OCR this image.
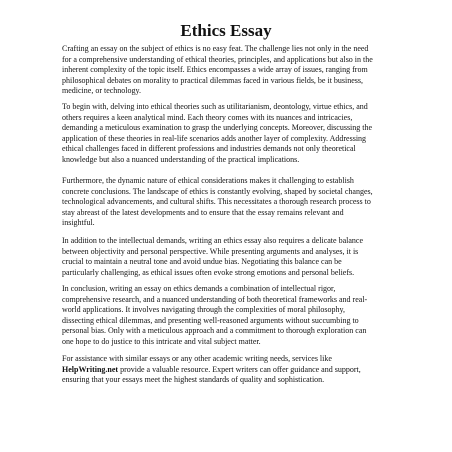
Ethics Essay
Crafting an essay on the subject of ethics is no easy feat. The challenge lies not only in the need
for a comprehensive understanding of ethical theories, principles, and applications but also in the
inherent complexity of the topic itself. Ethics encompasses a wide array of issues, ranging from
philosophical debates on morality to practical dilemmas faced in various fields, be it business,
medicine, or technology.
To begin with, delving into ethical theories such as utilitarianism, deontology, virtue ethics, and
others requires a keen analytical mind. Each theory comes with its nuances and intricacies,
demanding a meticulous examination to grasp the underlying concepts. Moreover, discussing the
application of these theories in real-life scenarios adds another layer of complexity. Addressing
ethical challenges faced in different professions and industries demands not only theoretical
knowledge but also a nuanced understanding of the practical implications.
Furthermore, the dynamic nature of ethical considerations makes it challenging to establish
concrete conclusions. The landscape of ethics is constantly evolving, shaped by societal changes,
technological advancements, and cultural shifts. This necessitates a thorough research process to
stay abreast of the latest developments and to ensure that the essay remains relevant and
insightful.
In addition to the intellectual demands, writing an ethics essay also requires a delicate balance
between objectivity and personal perspective. While presenting arguments and analyses, it is
crucial to maintain a neutral tone and avoid undue bias. Negotiating this balance can be
particularly challenging, as ethical issues often evoke strong emotions and personal beliefs.
In conclusion, writing an essay on ethics demands a combination of intellectual rigor,
comprehensive research, and a nuanced understanding of both theoretical frameworks and real-
world applications. It involves navigating through the complexities of moral philosophy,
dissecting ethical dilemmas, and presenting well-reasoned arguments without succumbing to
personal bias. Only with a meticulous approach and a commitment to thorough exploration can
one hope to do justice to this intricate and vital subject matter.
For assistance with similar essays or any other academic writing needs, services like
HelpWriting.net provide a valuable resource. Expert writers can offer guidance and support,
ensuring that your essays meet the highest standards of quality and sophistication.
